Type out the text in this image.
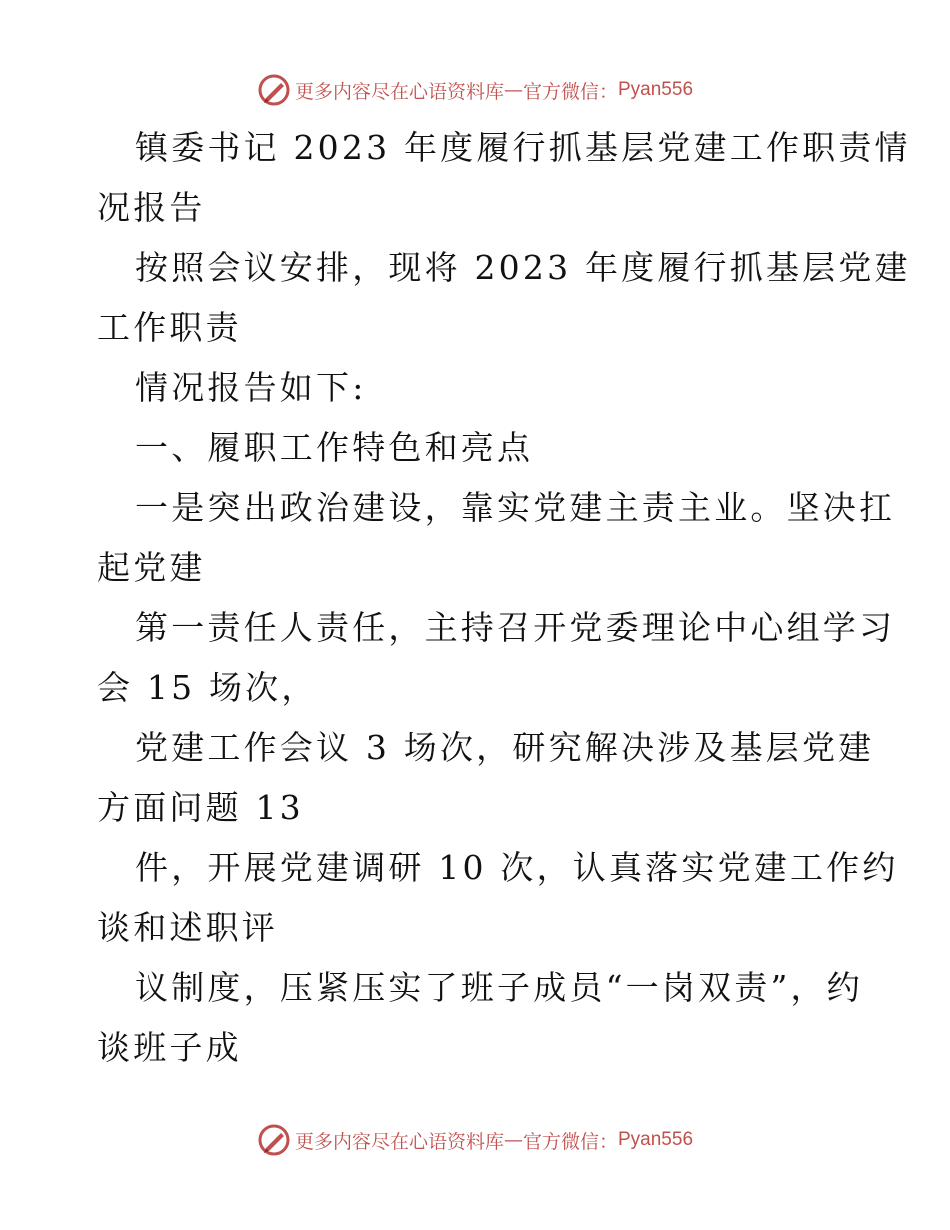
更多内容尽在心语资料库 — 官方微信： Pyan556
镇委书记 2023 年度履行抓基层党建工作职责情
况报告
按照会议安排，现将 2023 年度履行抓基层党建
工作职责
情况报告如下:
一、履职工作特色和亮点
一是突出政治建设，靠实党建主责主业。坚决扛
起党建
第一责任人责任，主持召开党委理论中心组学习
会 15 场次，
党建工作会议 3 场次，研究解决涉及基层党建
方面问题 13
件，开展党建调研 10 次，认真落实党建工作约
谈和述职评
议制度，压紧压实了班子成员“一岗双责”，约
谈班子成
更多内容尽在心语资料库 — 官方微信： Pyan556
